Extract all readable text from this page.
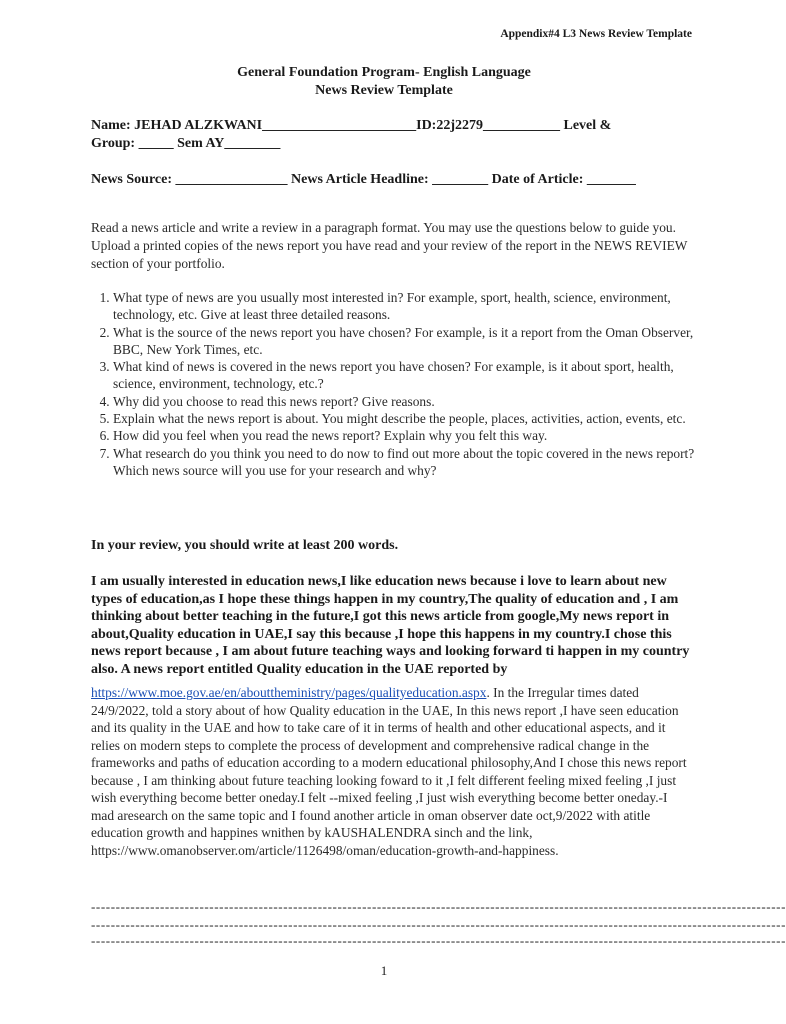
Appendix#4 L3 News Review Template
General Foundation Program- English Language
News Review Template
Name: JEHAD ALZKWANI______________________ID:22j2279___________ Level &
Group: _____ Sem AY________
News Source: ________________ News Article Headline: ________ Date of Article: _______
Read a news article and write a review in a paragraph format. You may use the questions below to guide you. Upload a printed copies of the news report you have read and your review of the report in the NEWS REVIEW section of your portfolio.
1. What type of news are you usually most interested in? For example, sport, health, science, environment, technology, etc. Give at least three detailed reasons.
2. What is the source of the news report you have chosen? For example, is it a report from the Oman Observer, BBC, New York Times, etc.
3. What kind of news is covered in the news report you have chosen? For example, is it about sport, health, science, environment, technology, etc.?
4. Why did you choose to read this news report? Give reasons.
5. Explain what the news report is about. You might describe the people, places, activities, action, events, etc.
6. How did you feel when you read the news report? Explain why you felt this way.
7. What research do you think you need to do now to find out more about the topic covered in the news report? Which news source will you use for your research and why?
In your review, you should write at least 200 words.
I am usually interested in education news,I like education news because i love to learn about new types of education,as I hope these things happen in my country,The quality of education and , I am thinking about better teaching in the future,I got this news article from google,My news report in about,Quality education in UAE,I say this because ,I hope this happens in my country.I chose this news report because , I am about future teaching ways and looking forward ti happen in my country also. A news report entitled Quality education in the UAE reported by
https://www.moe.gov.ae/en/abouttheministry/pages/qualityeducation.aspx. In the Irregular times dated 24/9/2022, told a story about of how Quality education in the UAE, In this news report ,I have seen education and its quality in the UAE and how to take care of it in terms of health and other educational aspects, and it relies on modern steps to complete the process of development and comprehensive radical change in the frameworks and paths of education according to a modern educational philosophy,And I chose this news report because , I am thinking about future teaching looking foward to it ,I felt different feeling mixed feeling ,I just wish everything become better oneday.I felt --mixed feeling ,I just wish everything become better oneday.-I mad aresearch on the same topic and I found another article in oman observer date oct,9/2022 with atitle education growth and happines wnithen by kAUSHALENDRA sinch and the link, https://www.omanobserver.om/article/1126498/oman/education-growth-and-happiness.
---------------------------------------------------------------------------------------------------------------------------------------------
---------------------------------------------------------------------------------------------------------------------------------------------
---------------------------------------------------------------------------------------------------------------------------------------------
1
